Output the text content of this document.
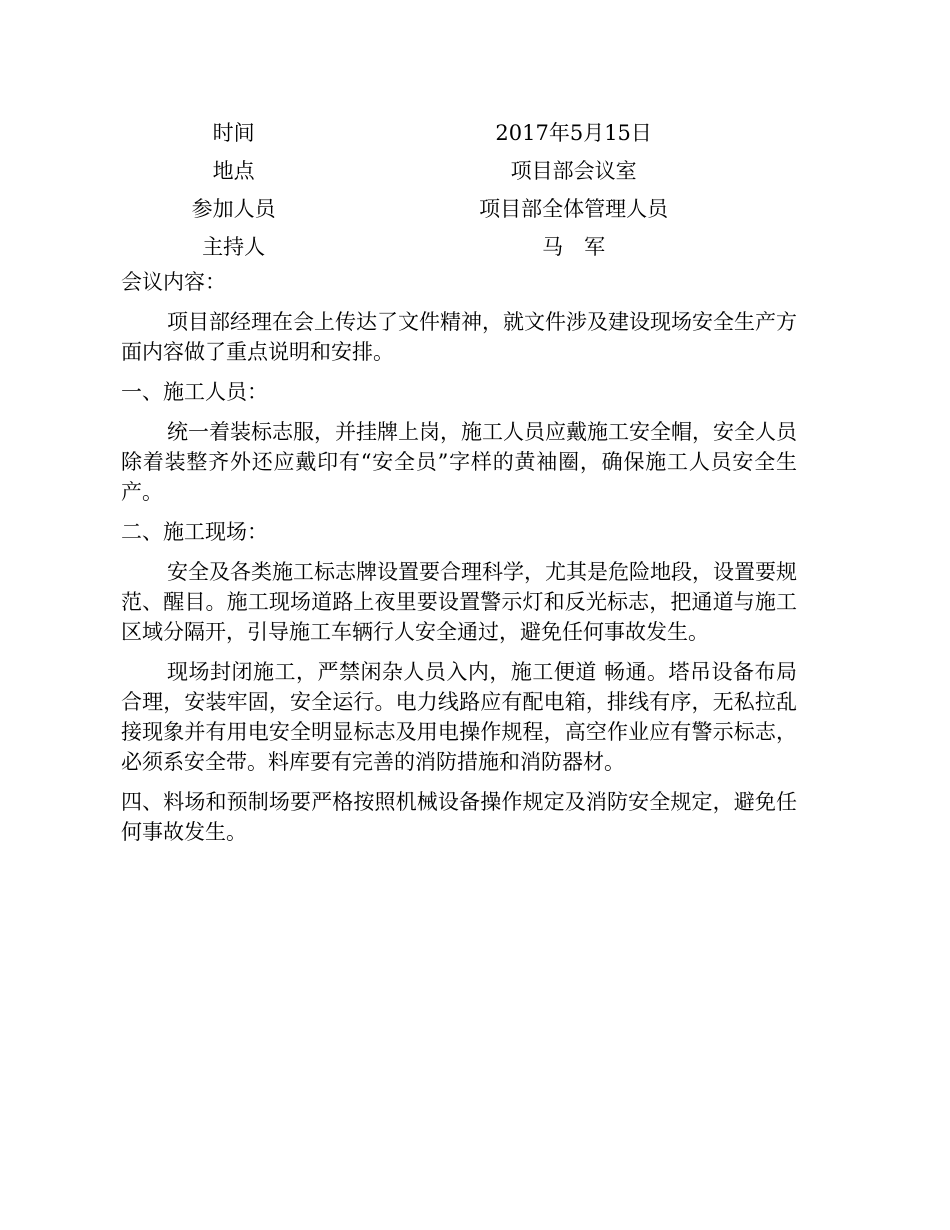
时间	2017年5月15日
地点	项目部会议室
参加人员	项目部全体管理人员
主持人	马　军

会议内容：

项目部经理在会上传达了文件精神，就文件涉及建设现场安全生产方面内容做了重点说明和安排。

一、施工人员：

统一着装标志服，并挂牌上岗，施工人员应戴施工安全帽，安全人员除着装整齐外还应戴印有“安全员”字样的黄袖圈，确保施工人员安全生产。

二、施工现场：

安全及各类施工标志牌设置要合理科学，尤其是危险地段，设置要规范、醒目。施工现场道路上夜里要设置警示灯和反光标志，把通道与施工区域分隔开，引导施工车辆行人安全通过，避免任何事故发生。

现场封闭施工，严禁闲杂人员入内，施工便道 畅通。塔吊设备布局合理，安装牢固，安全运行。电力线路应有配电箱，排线有序，无私拉乱接现象并有用电安全明显标志及用电操作规程，高空作业应有警示标志，必须系安全带。料库要有完善的消防措施和消防器材。

四、料场和预制场要严格按照机械设备操作规定及消防安全规定，避免任何事故发生。
